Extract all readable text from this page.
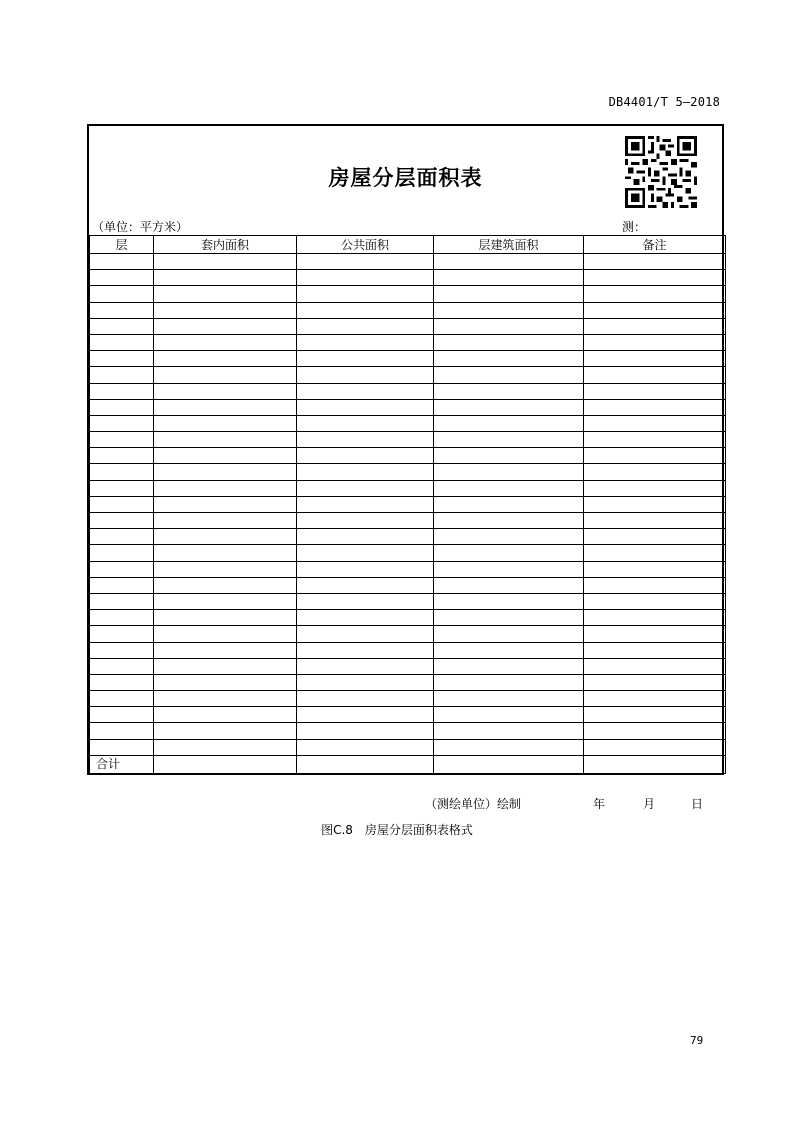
DB4401/T 5—2018
房屋分层面积表
（单位：平方米）	测：
层	套内面积	公共面积	层建筑面积	备注

合计				
（测绘单位）绘制	年	月	日
图C.8　房屋分层面积表格式
79
